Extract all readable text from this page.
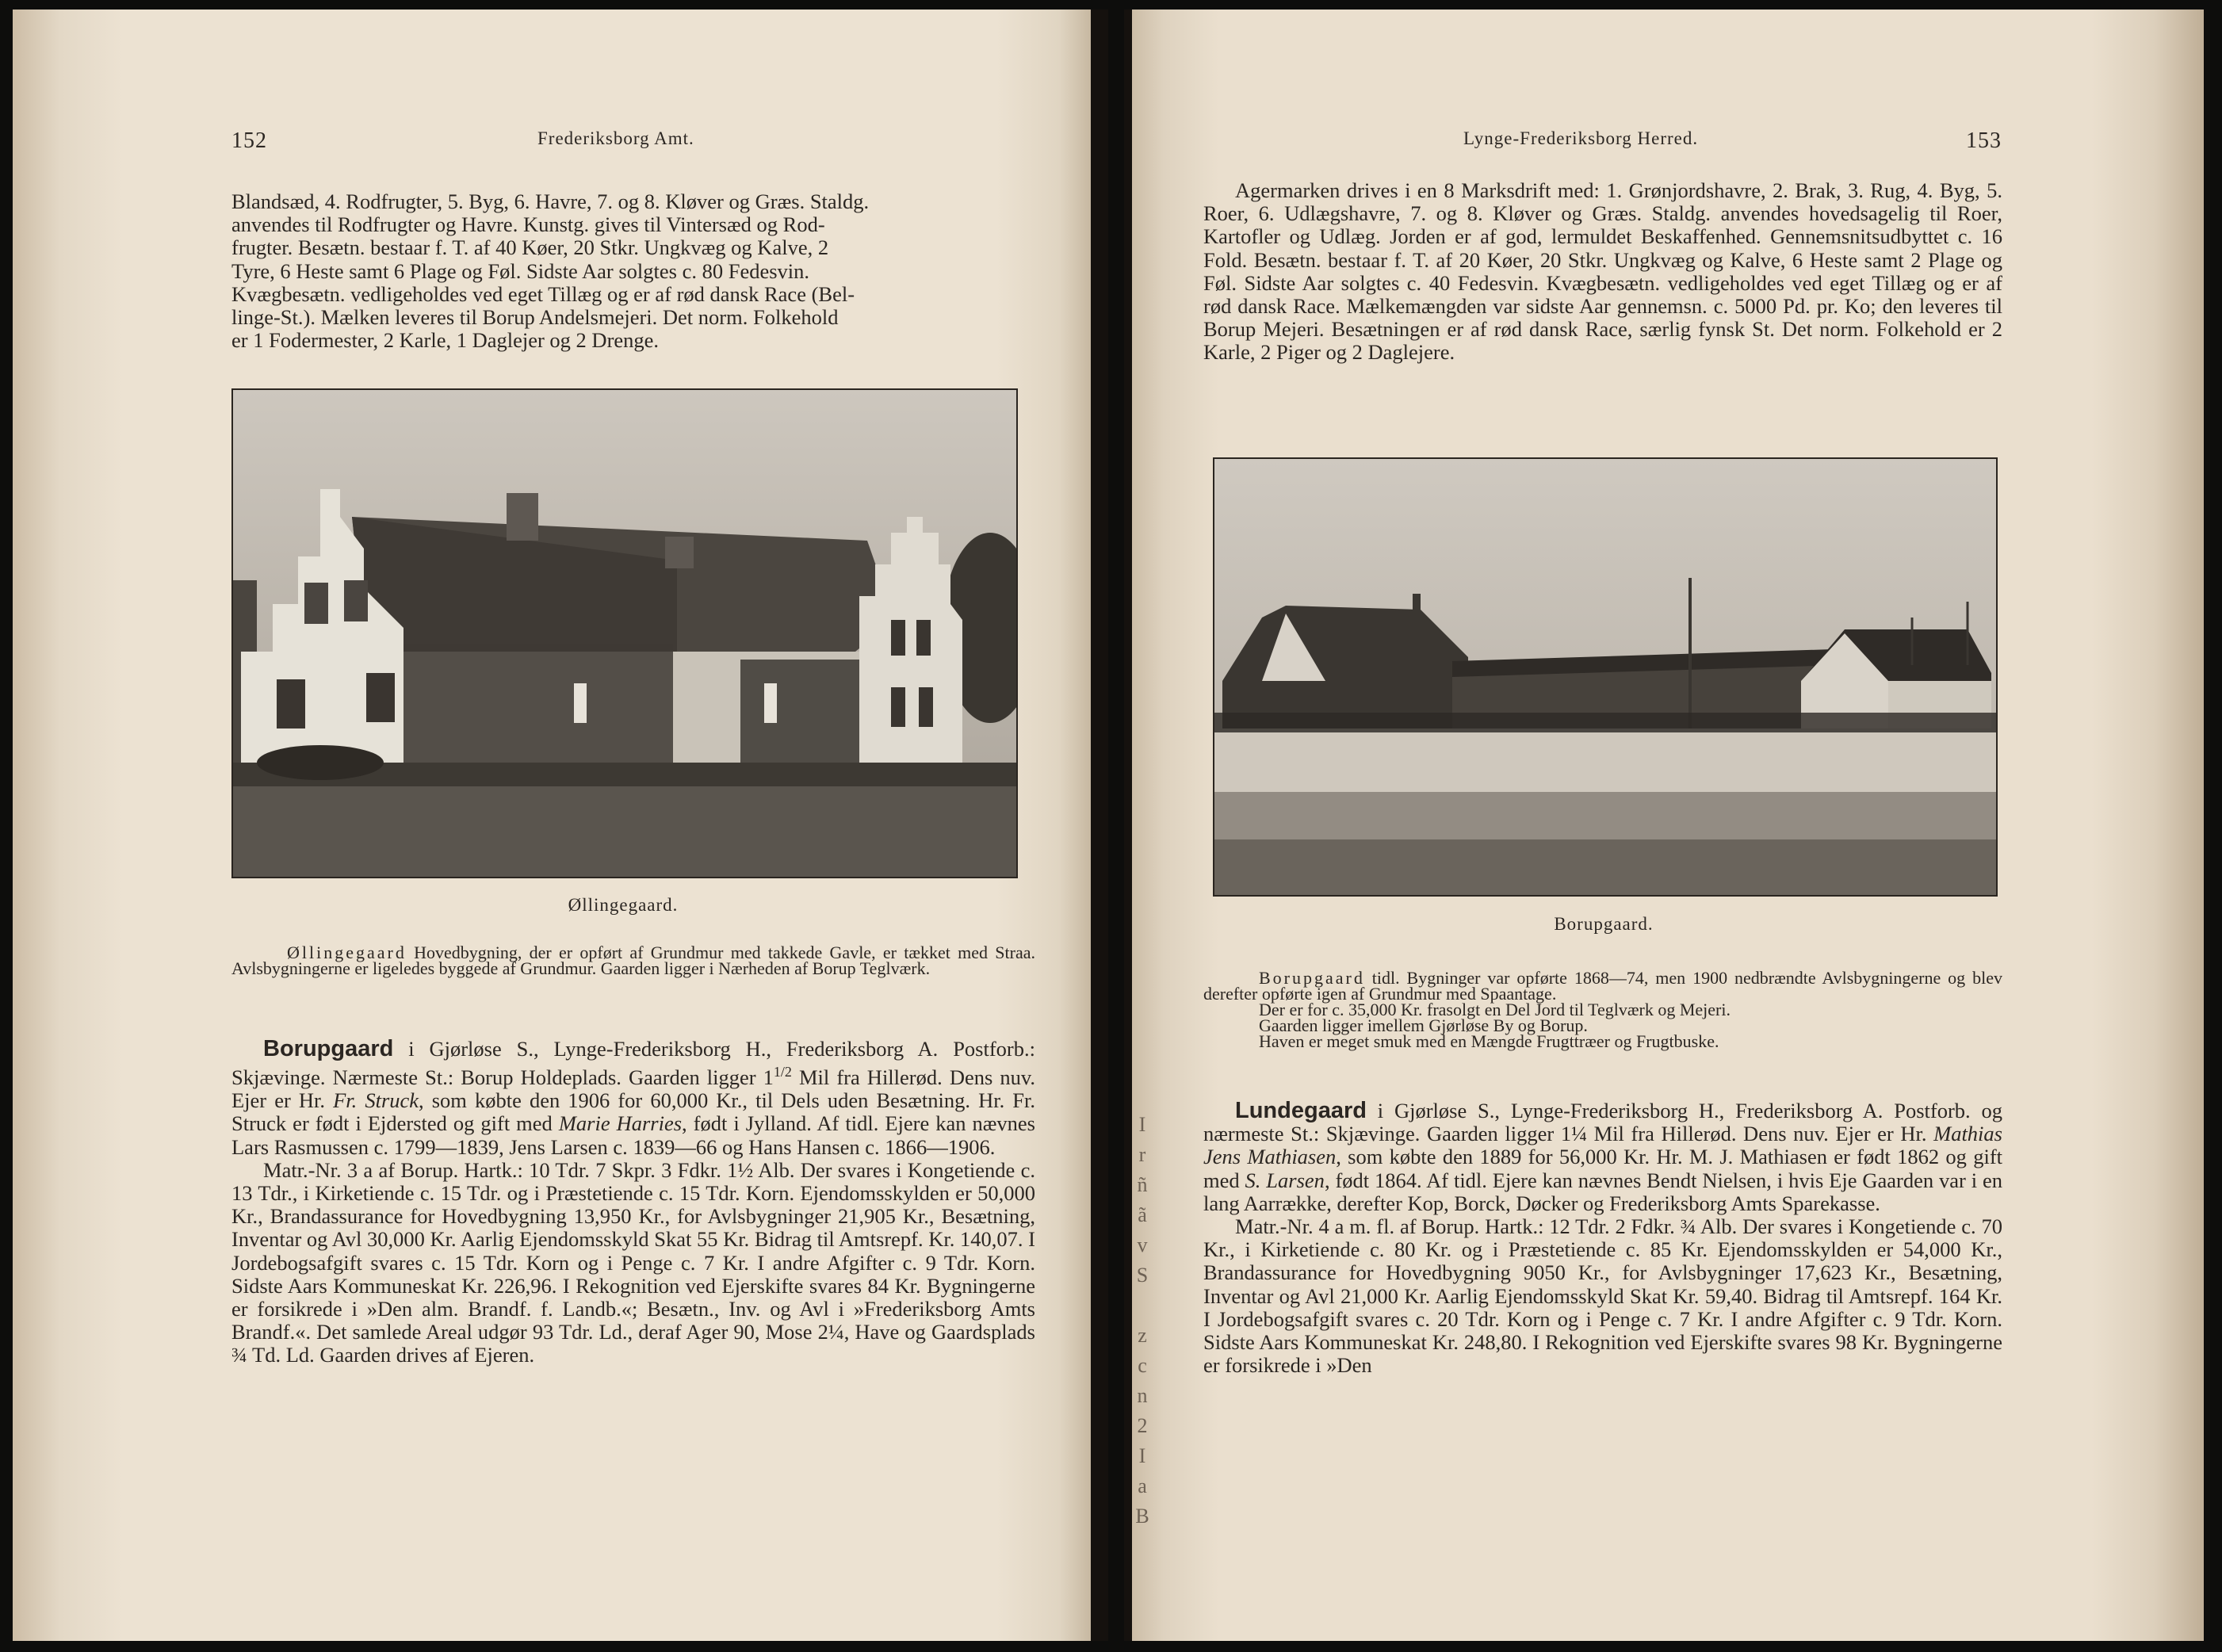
152	Frederiksborg Amt.

Blandsæd, 4. Rodfrugter, 5. Byg, 6. Havre, 7. og 8. Kløver og Græs. Staldg.

anvendes til Rodfrugter og Havre. Kunstg. gives til Vintersæd og Rod-

frugter. Besætn. bestaar f. T. af 40 Køer, 20 Stkr. Ungkvæg og Kalve, 2

Tyre, 6 Heste samt 6 Plage og Føl. Sidste Aar solgtes c. 80 Fedesvin.

Kvægbesætn. vedligeholdes ved eget Tillæg og er af rød dansk Race (Bel-

linge-St.). Mælken leveres til Borup Andelsmejeri. Det norm. Folkehold

er 1 Fodermester, 2 Karle, 1 Daglejer og 2 Drenge.

Øllingegaard.

Øllingegaard Hovedbygning, der er opført af Grundmur med takkede Gavle, er tækket med Straa. Avlsbygningerne er ligeledes byggede af Grundmur. Gaarden ligger i Nærheden af Borup Teglværk.

Borupgaard i Gjørløse S., Lynge-Frederiksborg H., Frederiksborg A. Postforb.: Skjævinge. Nærmeste St.: Borup Holdeplads. Gaarden ligger $1^{1/2}$ Mil fra Hillerød. Dens nuv. Ejer er Hr. Fr. Struck, som købte den 1906 for 60,000 Kr., til Dels uden Besætning. Hr. Fr. Struck er født i Ejdersted og gift med Marie Harries, født i Jylland. Af tidl. Ejere kan nævnes Lars Rasmussen c. 1799—1839, Jens Larsen c. 1839—66 og Hans Hansen c. 1866—1906.

Matr.-Nr. 3 a af Borup. Hartk.: 10 Tdr. 7 Skpr. 3 Fdkr. 1½ Alb. Der svares i Kongetiende c. 13 Tdr., i Kirketiende c. 15 Tdr. og i Præstetiende c. 15 Tdr. Korn. Ejendomsskylden er 50,000 Kr., Brandassurance for Hovedbygning 13,950 Kr., for Avlsbygninger 21,905 Kr., Besætning, Inventar og Avl 30,000 Kr. Aarlig Ejendomsskyld Skat 55 Kr. Bidrag til Amtsrepf. Kr. 140,07. I Jordebogsafgift svares c. 15 Tdr. Korn og i Penge c. 7 Kr. I andre Afgifter c. 9 Tdr. Korn. Sidste Aars Kommuneskat Kr. 226,96. I Rekognition ved Ejerskifte svares 84 Kr. Bygningerne er forsikrede i »Den alm. Brandf. f. Landb.«; Besætn., Inv. og Avl i »Frederiksborg Amts Brandf.«. Det samlede Areal udgør 93 Tdr. Ld., deraf Ager 90, Mose 2¼, Have og Gaardsplads ¾ Td. Ld. Gaarden drives af Ejeren.

Lynge-Frederiksborg Herred.	153

Agermarken drives i en 8 Marksdrift med: 1. Grønjordshavre, 2. Brak, 3. Rug, 4. Byg, 5. Roer, 6. Udlægshavre, 7. og 8. Kløver og Græs. Staldg. anvendes hovedsagelig til Roer, Kartofler og Udlæg. Jorden er af god, lermuldet Beskaffenhed. Gennemsnitsudbyttet c. 16 Fold. Besætn. bestaar f. T. af 20 Køer, 20 Stkr. Ungkvæg og Kalve, 6 Heste samt 2 Plage og Føl. Sidste Aar solgtes c. 40 Fedesvin. Kvægbesætn. vedligeholdes ved eget Tillæg og er af rød dansk Race. Mælkemængden var sidste Aar gennemsn. c. 5000 Pd. pr. Ko; den leveres til Borup Mejeri. Besætningen er af rød dansk Race, særlig fynsk St. Det norm. Folkehold er 2 Karle, 2 Piger og 2 Daglejere.

Borupgaard.

Borupgaard tidl. Bygninger var opførte 1868—74, men 1900 nedbrændte Avlsbygningerne og blev derefter opførte igen af Grundmur med Spaantage.

Der er for c. 35,000 Kr. frasolgt en Del Jord til Teglværk og Mejeri.

Gaarden ligger imellem Gjørløse By og Borup.

Haven er meget smuk med en Mængde Frugttræer og Frugtbuske.

Lundegaard i Gjørløse S., Lynge-Frederiksborg H., Frederiksborg A. Postforb. og nærmeste St.: Skjævinge. Gaarden ligger 1¼ Mil fra Hillerød. Dens nuv. Ejer er Hr. Mathias Jens Mathiasen, som købte den 1889 for 56,000 Kr. Hr. M. J. Mathiasen er født 1862 og gift med S. Larsen, født 1864. Af tidl. Ejere kan nævnes Bendt Nielsen, i hvis Eje Gaarden var i en lang Aarrække, derefter Kop, Borck, Døcker og Frederiksborg Amts Sparekasse.

Matr.-Nr. 4 a m. fl. af Borup. Hartk.: 12 Tdr. 2 Fdkr. ¾ Alb. Der svares i Kongetiende c. 70 Kr., i Kirketiende c. 80 Kr. og i Præstetiende c. 85 Kr. Ejendomsskylden er 54,000 Kr., Brandassurance for Hovedbygning 9050 Kr., for Avlsbygninger 17,623 Kr., Besætning, Inventar og Avl 21,000 Kr. Aarlig Ejendomsskyld Skat Kr. 59,40. Bidrag til Amtsrepf. 164 Kr. I Jordebogsafgift svares c. 20 Tdr. Korn og i Penge c. 7 Kr. I andre Afgifter c. 9 Tdr. Korn. Sidste Aars Kommuneskat Kr. 248,80. I Rekognition ved Ejerskifte svares 98 Kr. Bygningerne er forsikrede i »Den

I
r
ñ
ã
v
S
z
c
n
2
I
a
B
